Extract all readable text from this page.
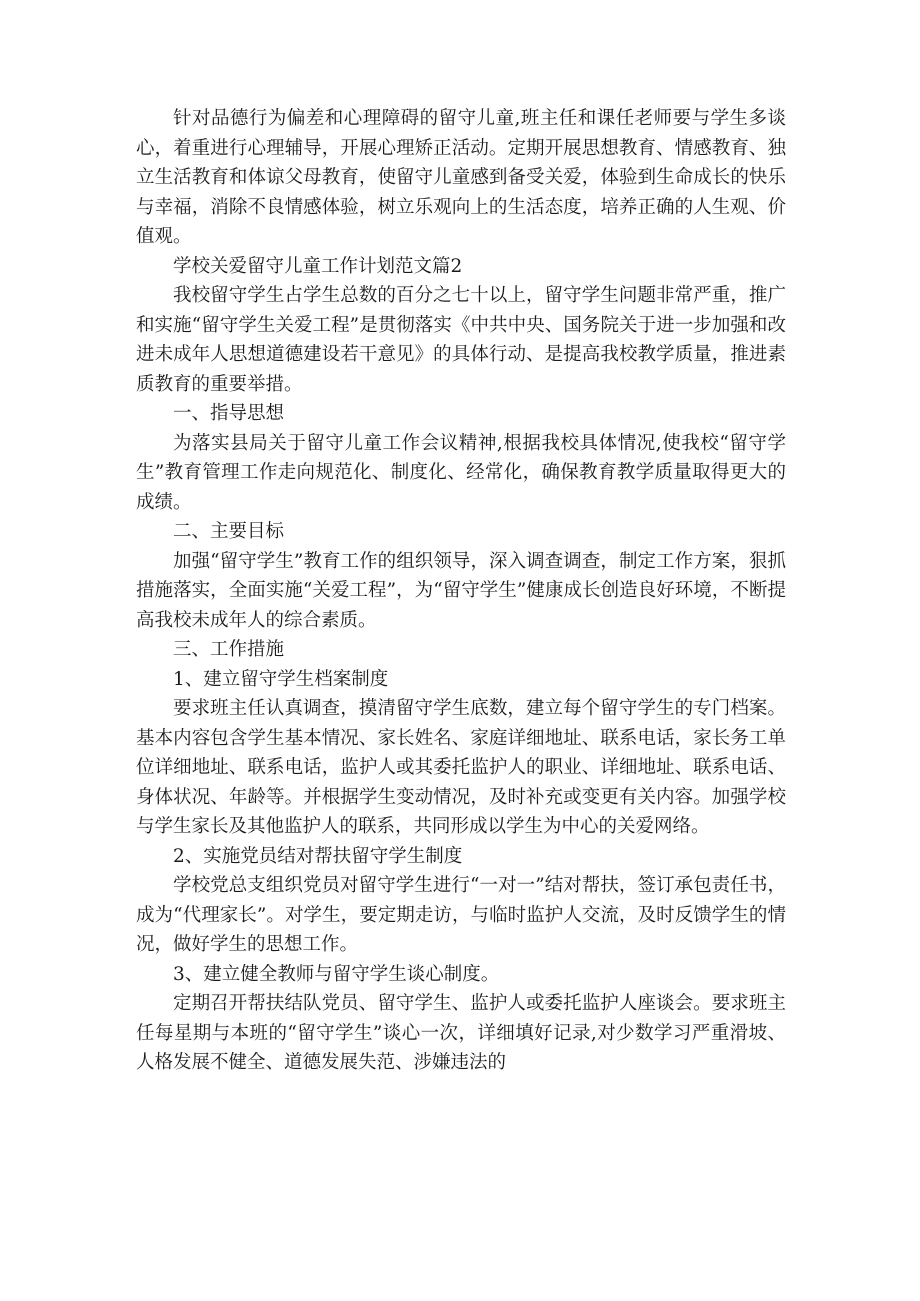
针对品德行为偏差和心理障碍的留守儿童,班主任和课任老师要与学生多谈心，着重进行心理辅导，开展心理矫正活动。定期开展思想教育、情感教育、独立生活教育和体谅父母教育，使留守儿童感到备受关爱，体验到生命成长的快乐与幸福，消除不良情感体验，树立乐观向上的生活态度，培养正确的人生观、价值观。

学校关爱留守儿童工作计划范文篇2

我校留守学生占学生总数的百分之七十以上，留守学生问题非常严重，推广和实施“留守学生关爱工程”是贯彻落实《中共中央、国务院关于进一步加强和改进未成年人思想道德建设若干意见》的具体行动、是提高我校教学质量，推进素质教育的重要举措。

一、指导思想

为落实县局关于留守儿童工作会议精神,根据我校具体情况,使我校“留守学生”教育管理工作走向规范化、制度化、经常化，确保教育教学质量取得更大的成绩。

二、主要目标

加强“留守学生”教育工作的组织领导，深入调查调查，制定工作方案，狠抓措施落实，全面实施“关爱工程”，为“留守学生”健康成长创造良好环境，不断提高我校未成年人的综合素质。

三、工作措施

1、建立留守学生档案制度

要求班主任认真调查，摸清留守学生底数，建立每个留守学生的专门档案。基本内容包含学生基本情况、家长姓名、家庭详细地址、联系电话，家长务工单位详细地址、联系电话，监护人或其委托监护人的职业、详细地址、联系电话、身体状况、年龄等。并根据学生变动情况，及时补充或变更有关内容。加强学校与学生家长及其他监护人的联系，共同形成以学生为中心的关爱网络。

2、实施党员结对帮扶留守学生制度

学校党总支组织党员对留守学生进行“一对一”结对帮扶，签订承包责任书，成为“代理家长”。对学生，要定期走访，与临时监护人交流，及时反馈学生的情况，做好学生的思想工作。

3、建立健全教师与留守学生谈心制度。

定期召开帮扶结队党员、留守学生、监护人或委托监护人座谈会。要求班主任每星期与本班的“留守学生”谈心一次，详细填好记录,对少数学习严重滑坡、人格发展不健全、道德发展失范、涉嫌违法的
